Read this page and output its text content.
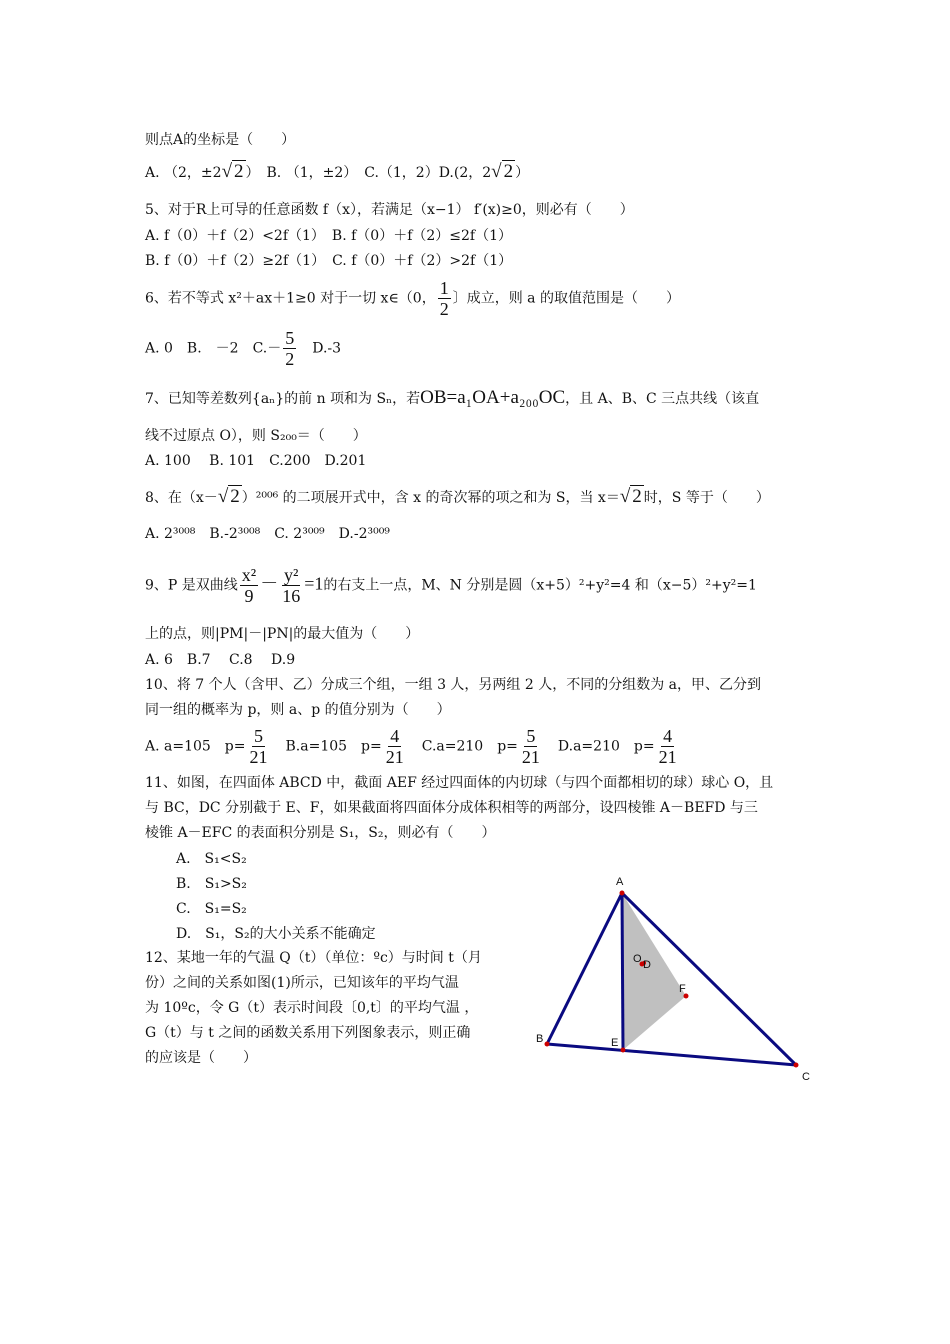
则点A的坐标是（　　）
A. （2，±2√ 2 ）　B. （1，±2）　C.（1，2）D.(2，2√ 2 ）
5、对于R上可导的任意函数 f（x），若满足（x−1） f′(x)≥0，则必有（　　）
A. f（0）＋f（2）<2f（1）　B. f（0）＋f（2）≤2f（1）
B. f（0）＋f（2）≥2f（1）　C. f（0）＋f（2）>2f（1）
6、若不等式 x²＋ax＋1≥0 对于一切 x∈（0， $\frac{1}{2}$ 〕成立，则 a 的取值范围是（　　）
A. 0　B.　－2　$C.- \frac{5}{2}$ 　D.-3
7、已知等差数列{aₙ}的前 n 项和为 Sₙ，若OB=a₁OA+a₂₀₀OC，且 A、B、C 三点共线（该直
线不过原点 O），则 S₂₀₀＝（　　）
A. 100　 B. 101　C.200　D.201
8、在（x－√ 2 ）²⁰⁰⁶ 的二项展开式中，含 x 的奇次幂的项之和为 S，当 x＝√ 2 时，S 等于（　　）
A. 2³⁰⁰⁸　B.-2³⁰⁰⁸　C. 2³⁰⁰⁹　D.-2³⁰⁰⁹
9、P 是双曲线 $\frac{\text{x²}}{9} - \frac{\text{y²}}{16} =1$的右支上一点，M、N 分别是圆（x+5）²+y²=4 和（x−5）²+y²=1
上的点，则|PM|－|PN|的最大值为（　　）
A. 6　B.7　 C.8　 D.9
10、将 7 个人（含甲、乙）分成三个组，一组 3 人，另两组 2 人，不同的分组数为 a，甲、乙分到
同一组的概率为 p，则 a、p 的值分别为（　　）
A. a=105　$p= \frac{5}{21}$ 　B.a=105　$p= \frac{4}{21}$ 　C.a=210　$p= \frac{5}{21}$ 　D.a=210　$p= \frac{4}{21}$
11、如图，在四面体 ABCD 中，截面 AEF 经过四面体的内切球（与四个面都相切的球）球心 O，且
与 BC，DC 分别截于 E、F，如果截面将四面体分成体积相等的两部分，设四棱锥 A－BEFD 与三
棱锥 A－EFC 的表面积分别是 S₁，S₂，则必有（　　）
A.　S₁<S₂
B.　S₁>S₂
C.　S₁=S₂
D.　S₁，S₂的大小关系不能确定
12、某地一年的气温 Q（t）（单位：ºc）与时间 t（月
份）之间的关系如图(1)所示，已知该年的平均气温
为 10ºc，令 G（t）表示时间段〔0,t〕的平均气温 ，
G（t）与 t 之间的函数关系用下列图象表示，则正确
的应该是（　　）
A
B
C
E
F
O D
